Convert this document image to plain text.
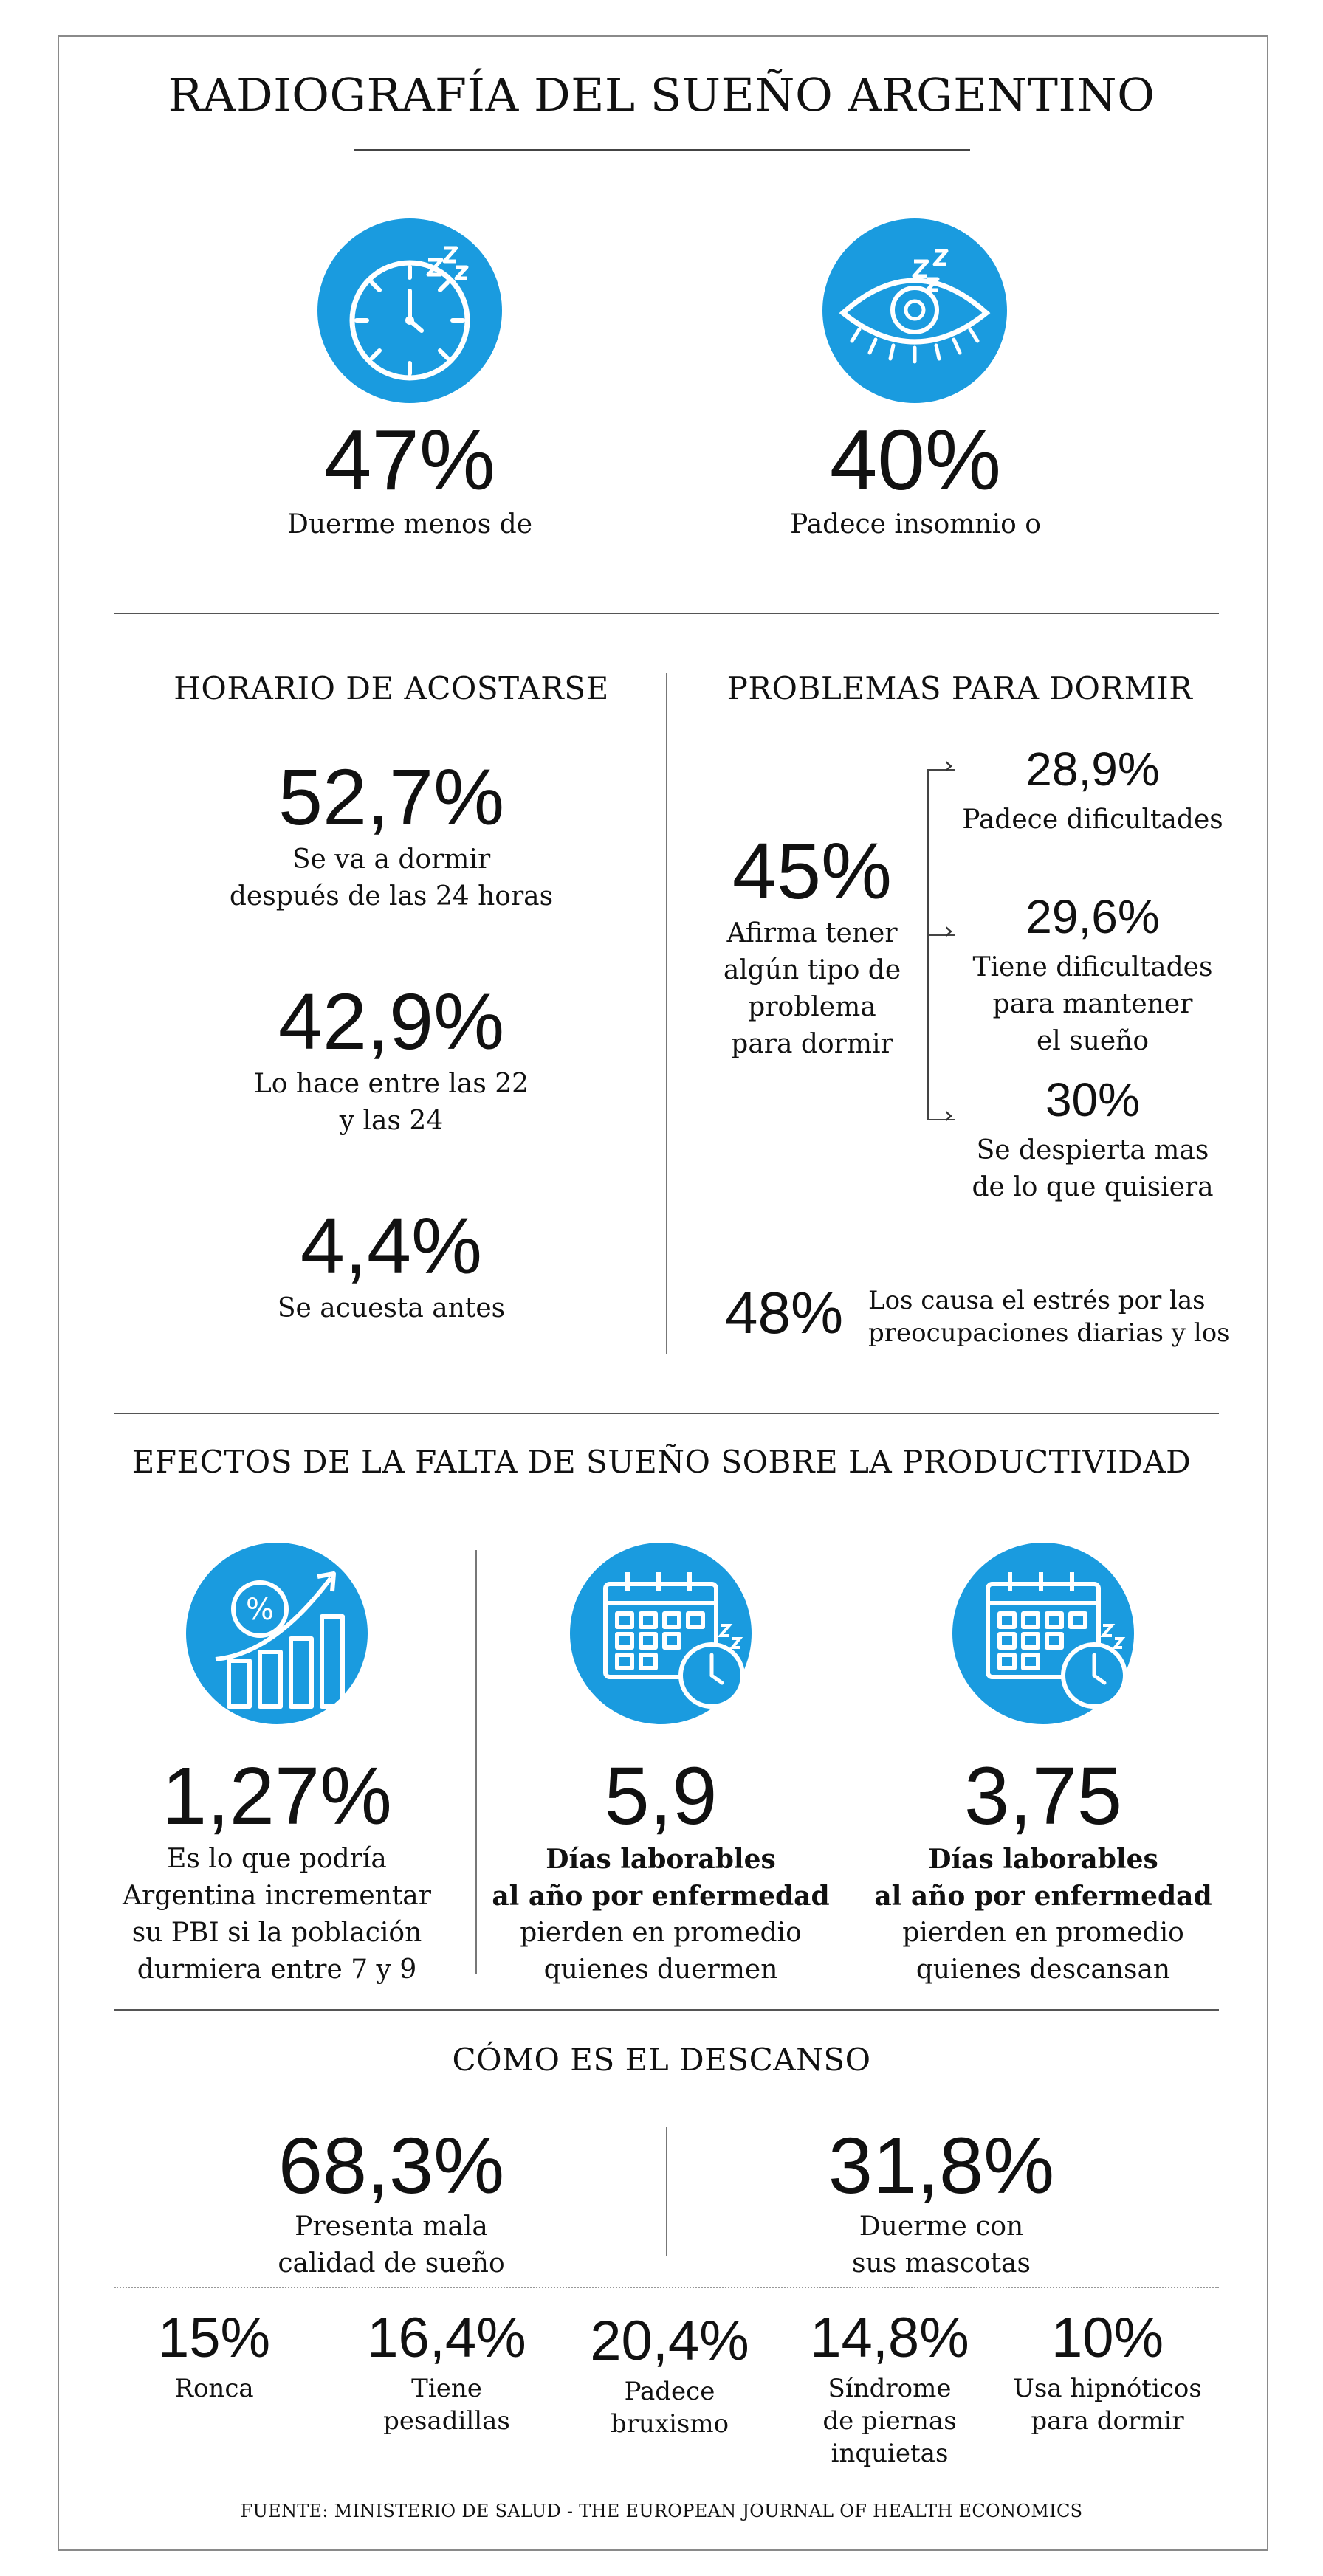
RADIOGRAFÍA DEL SUEÑO ARGENTINO
47%
Duerme menos de
40%
Padece insomnio o
HORARIO DE ACOSTARSE
52,7%
Se va a dormir
después de las 24 horas
42,9%
Lo hace entre las 22
y las 24
4,4%
Se acuesta antes
PROBLEMAS PARA DORMIR
45%
Afirma tener
algún tipo de
problema
para dormir
›
›
›
28,9%
Padece dificultades
29,6%
Tiene dificultades
para mantener
el sueño
30%
Se despierta mas
de lo que quisiera
48% Los causa el estrés por las
preocupaciones diarias y los
EFECTOS DE LA FALTA DE SUEÑO SOBRE LA PRODUCTIVIDAD
%
1,27%
Es lo que podría
Argentina incrementar
su PBI si la población
durmiera entre 7 y 9
5,9
Días laborables
al año por enfermedad
pierden en promedio
quienes duermen
3,75
Días laborables
al año por enfermedad
pierden en promedio
quienes descansan
CÓMO ES EL DESCANSO
68,3%
Presenta mala
calidad de sueño
31,8%
Duerme con
sus mascotas
15%
Ronca
16,4%
Tiene
pesadillas
20,4%
Padece
bruxismo
14,8%
Síndrome
de piernas
inquietas
10%
Usa hipnóticos
para dormir
FUENTE: MINISTERIO DE SALUD - THE EUROPEAN JOURNAL OF HEALTH ECONOMICS
